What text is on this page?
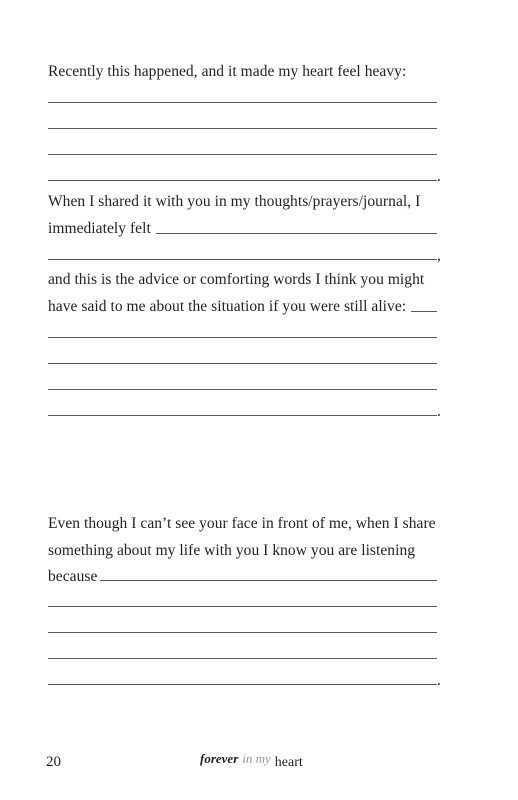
Recently this happened, and it made my heart feel heavy:
.
When I shared it with you in my thoughts/prayers/journal, I
immediately felt
,
and this is the advice or comforting words I think you might
have said to me about the situation if you were still alive:
.
Even though I can’t see your face in front of me, when I share
something about my life with you I know you are listening
because
.
20	forever in my heart
